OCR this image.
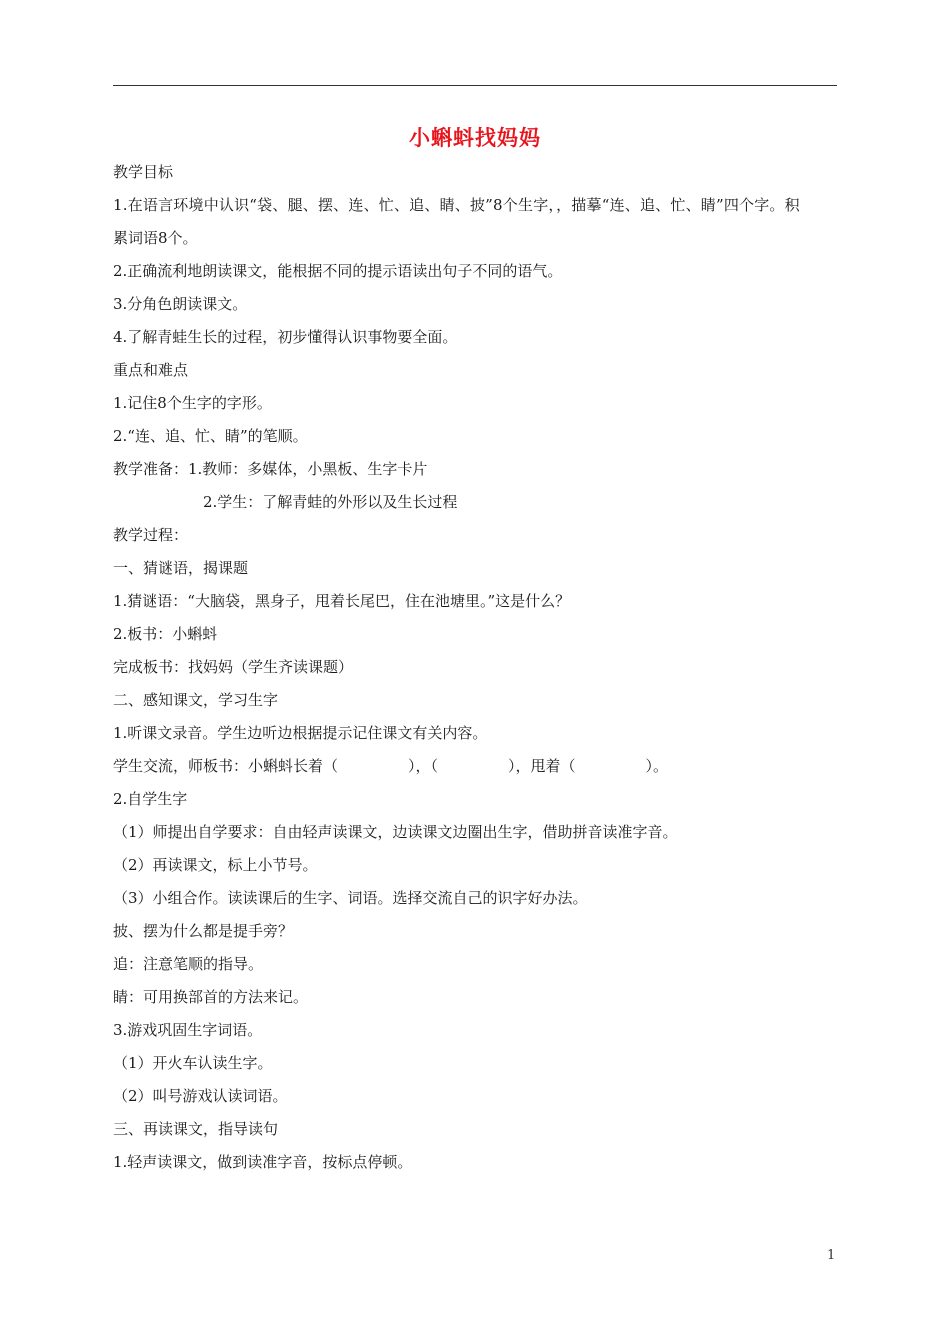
小蝌蚪找妈妈
教学目标
1.在语言环境中认识“袋、腿、摆、连、忙、追、睛、披”8个生字，，描摹“连、追、忙、睛”四个字。积
累词语8个。
2.正确流利地朗读课文，能根据不同的提示语读出句子不同的语气。
3.分角色朗读课文。
4.了解青蛙生长的过程，初步懂得认识事物要全面。
重点和难点
1.记住8个生字的字形。
2.“连、追、忙、睛”的笔顺。
教学准备：1.教师：多媒体，小黑板、生字卡片
2.学生：了解青蛙的外形以及生长过程
教学过程：
一、猜谜语，揭课题
1.猜谜语：“大脑袋，黑身子，甩着长尾巴，住在池塘里。”这是什么？
2.板书：小蝌蚪
完成板书：找妈妈（学生齐读课题）
二、感知课文，学习生字
1.听课文录音。学生边听边根据提示记住课文有关内容。
学生交流，师板书：小蝌蚪长着（	），（	），甩着（	）。
2.自学生字
（1）师提出自学要求：自由轻声读课文，边读课文边圈出生字，借助拼音读准字音。
（2）再读课文，标上小节号。
（3）小组合作。读读课后的生字、词语。选择交流自己的识字好办法。
披、摆为什么都是提手旁？
追：注意笔顺的指导。
睛：可用换部首的方法来记。
3.游戏巩固生字词语。
（1）开火车认读生字。
（2）叫号游戏认读词语。
三、再读课文，指导读句
1.轻声读课文，做到读准字音，按标点停顿。
1
